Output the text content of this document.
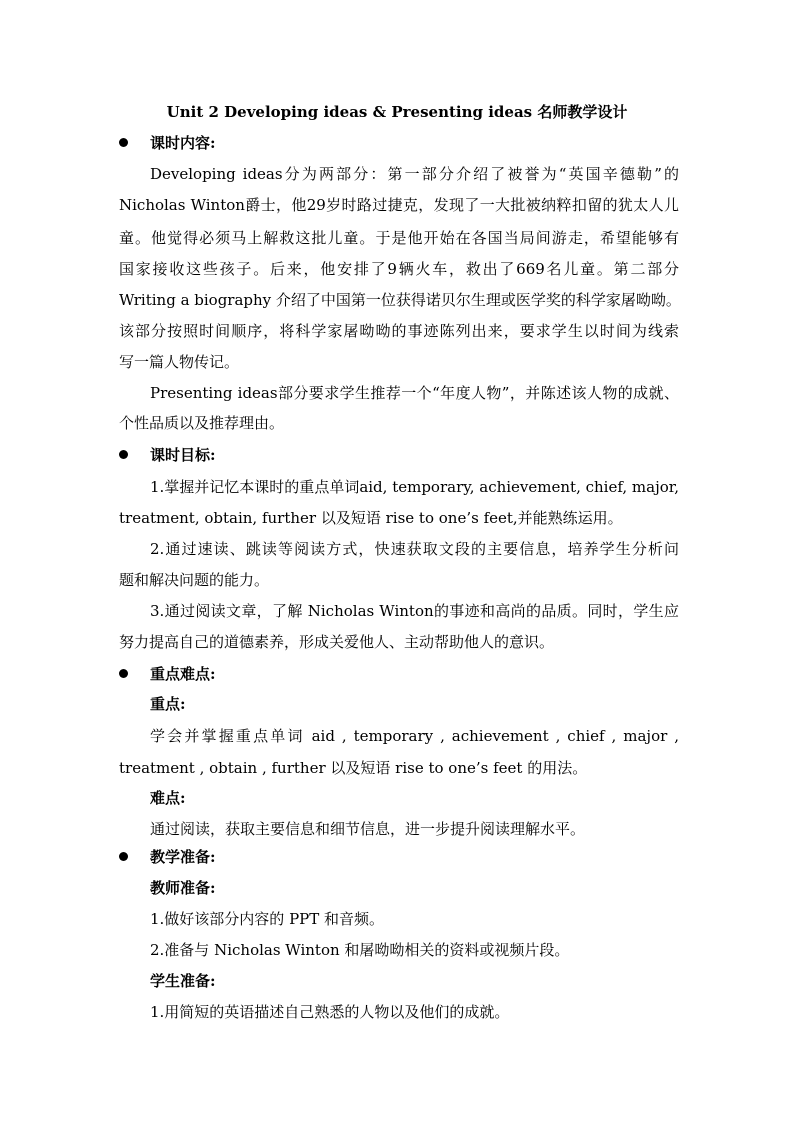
Unit 2 Developing ideas & Presenting ideas 名师教学设计
课时内容:
Developing ideas分为两部分：第一部分介绍了被誉为“英国辛德勒”的
Nicholas Winton爵士，他29岁时路过捷克，发现了一大批被纳粹扣留的犹太人儿
童。他觉得必须马上解救这批儿童。于是他开始在各国当局间游走，希望能够有
国家接收这些孩子。后来，他安排了9辆火车，救出了669名儿童。第二部分
Writing a biography 介绍了中国第一位获得诺贝尔生理或医学奖的科学家屠呦呦。
该部分按照时间顺序，将科学家屠呦呦的事迹陈列出来，要求学生以时间为线索
写一篇人物传记。
Presenting ideas部分要求学生推荐一个“年度人物”，并陈述该人物的成就、
个性品质以及推荐理由。
课时目标:
1.掌握并记忆本课时的重点单词aid, temporary, achievement, chief, major,
treatment, obtain, further 以及短语 rise to one’s feet,并能熟练运用。
2.通过速读、跳读等阅读方式，快速获取文段的主要信息，培养学生分析问
题和解决问题的能力。
3.通过阅读文章，了解 Nicholas Winton的事迹和高尚的品质。同时，学生应
努力提高自己的道德素养，形成关爱他人、主动帮助他人的意识。
重点难点:
重点:
学会并掌握重点单词 aid , temporary , achievement , chief , major ,
treatment , obtain , further 以及短语 rise to one’s feet 的用法。
难点:
通过阅读，获取主要信息和细节信息，进一步提升阅读理解水平。
教学准备:
教师准备:
1.做好该部分内容的 PPT 和音频。
2.准备与 Nicholas Winton 和屠呦呦相关的资料或视频片段。
学生准备:
1.用简短的英语描述自己熟悉的人物以及他们的成就。
